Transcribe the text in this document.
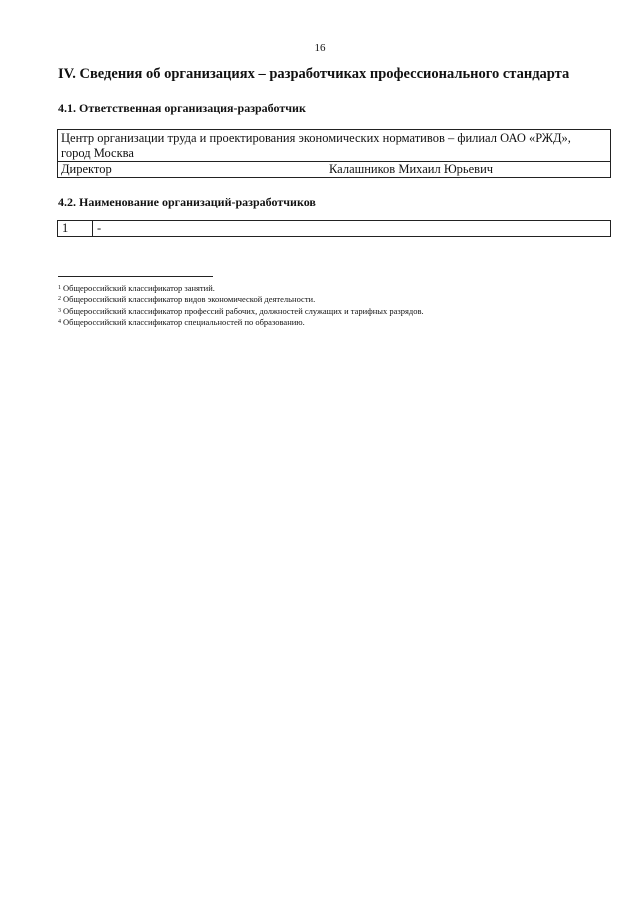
16
IV. Сведения об организациях – разработчиках профессионального стандарта
4.1. Ответственная организация-разработчик
Центр организации труда и проектирования экономических нормативов – филиал ОАО «РЖД»,
город Москва

Директор	Калашников Михаил Юрьевич
4.2. Наименование организаций-разработчиков
1	-
$^1$ Общероссийский классификатор занятий.
$^2$ Общероссийский классификатор видов экономической деятельности.
$^3$ Общероссийский классификатор профессий рабочих, должностей служащих и тарифных разрядов.
$^4$ Общероссийский классификатор специальностей по образованию.
